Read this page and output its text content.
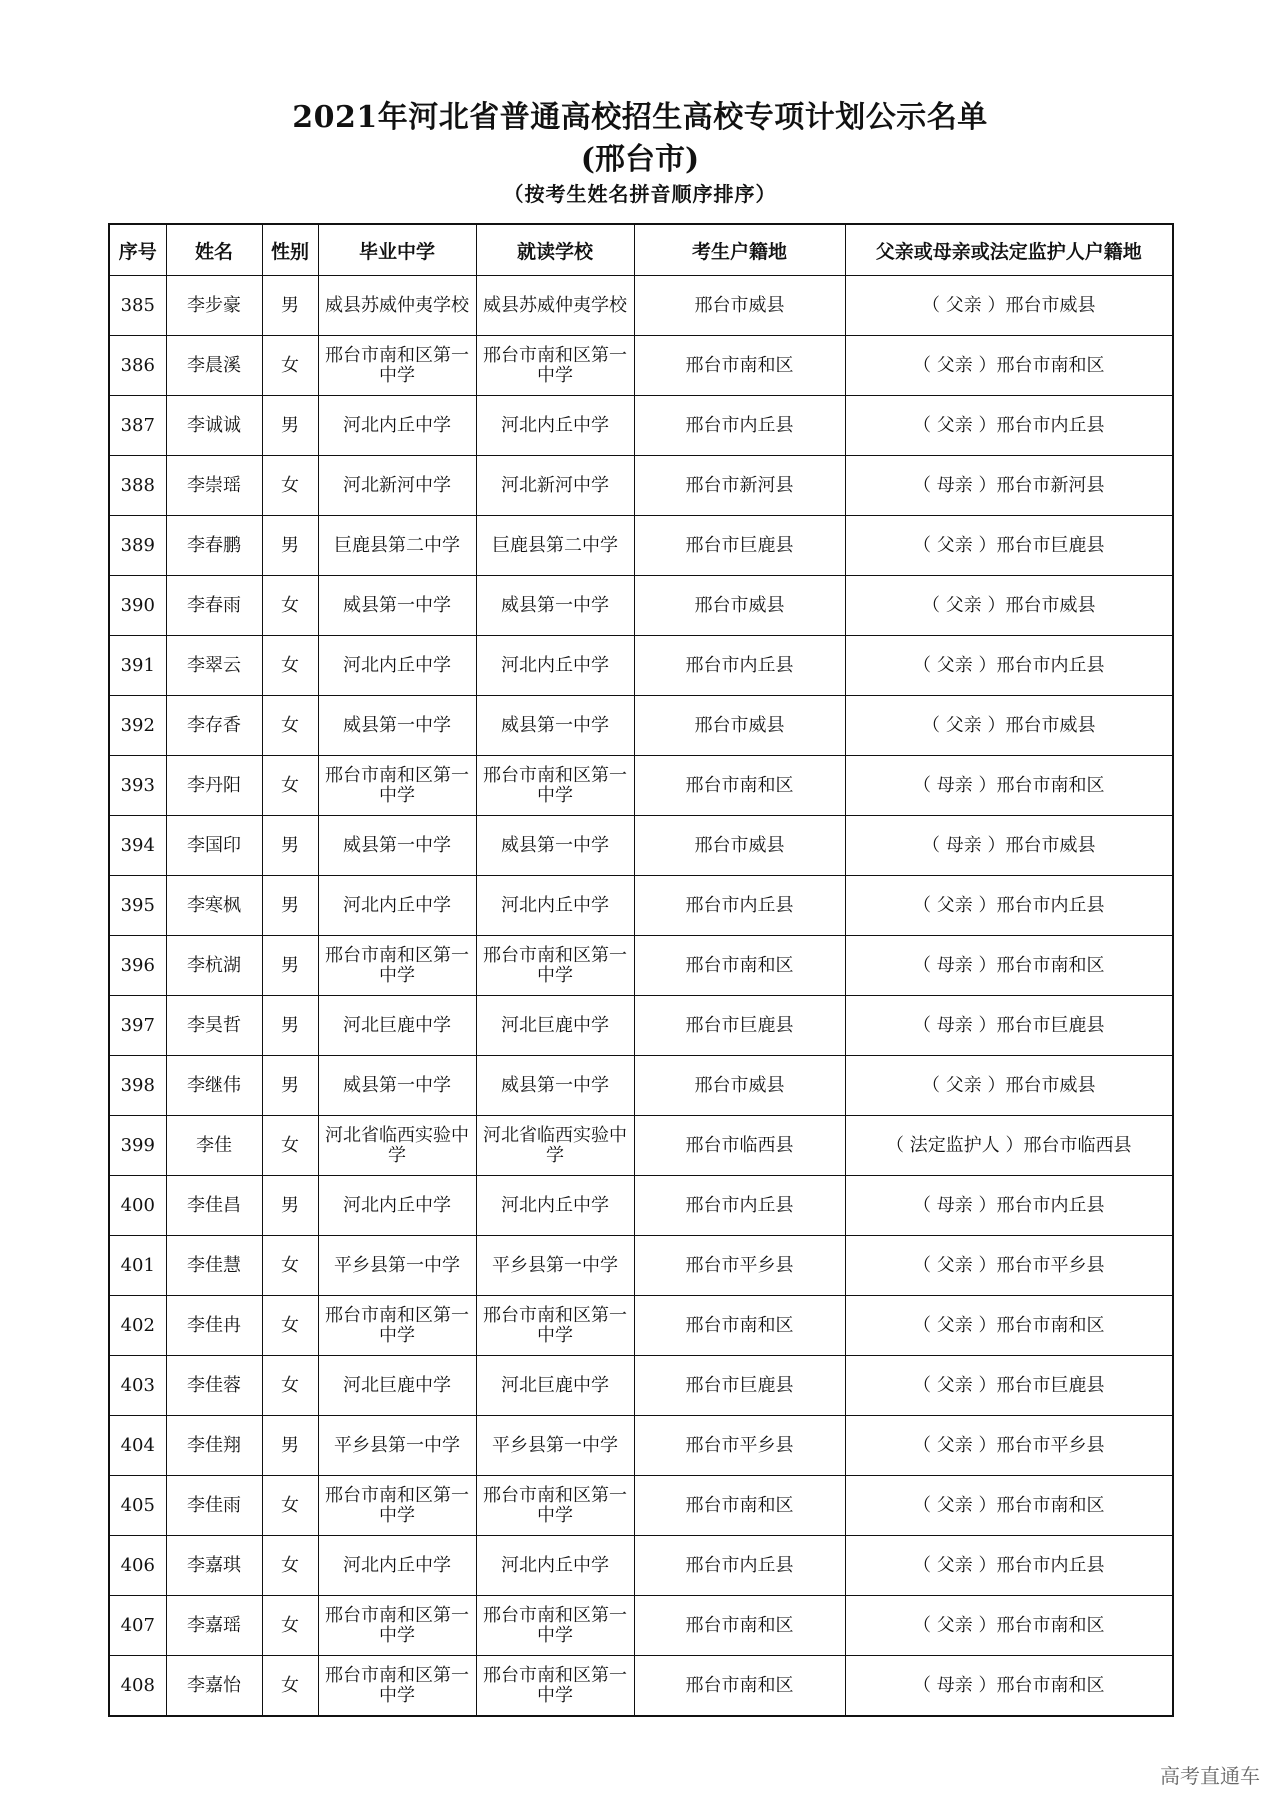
2021年河北省普通高校招生高校专项计划公示名单
(邢台市)
（按考生姓名拼音顺序排序）
序号	姓名	性别	毕业中学	就读学校	考生户籍地	父亲或母亲或法定监护人户籍地
385	李步豪	男	威县苏威仲夷学校	威县苏威仲夷学校	邢台市威县	（ 父亲 ）邢台市威县
386	李晨溪	女	邢台市南和区第一中学	邢台市南和区第一中学	邢台市南和区	（ 父亲 ）邢台市南和区
387	李诚诚	男	河北内丘中学	河北内丘中学	邢台市内丘县	（ 父亲 ）邢台市内丘县
388	李崇瑶	女	河北新河中学	河北新河中学	邢台市新河县	（ 母亲 ）邢台市新河县
389	李春鹏	男	巨鹿县第二中学	巨鹿县第二中学	邢台市巨鹿县	（ 父亲 ）邢台市巨鹿县
390	李春雨	女	威县第一中学	威县第一中学	邢台市威县	（ 父亲 ）邢台市威县
391	李翠云	女	河北内丘中学	河北内丘中学	邢台市内丘县	（ 父亲 ）邢台市内丘县
392	李存香	女	威县第一中学	威县第一中学	邢台市威县	（ 父亲 ）邢台市威县
393	李丹阳	女	邢台市南和区第一中学	邢台市南和区第一中学	邢台市南和区	（ 母亲 ）邢台市南和区
394	李国印	男	威县第一中学	威县第一中学	邢台市威县	（ 母亲 ）邢台市威县
395	李寒枫	男	河北内丘中学	河北内丘中学	邢台市内丘县	（ 父亲 ）邢台市内丘县
396	李杭湖	男	邢台市南和区第一中学	邢台市南和区第一中学	邢台市南和区	（ 母亲 ）邢台市南和区
397	李昊哲	男	河北巨鹿中学	河北巨鹿中学	邢台市巨鹿县	（ 母亲 ）邢台市巨鹿县
398	李继伟	男	威县第一中学	威县第一中学	邢台市威县	（ 父亲 ）邢台市威县
399	李佳	女	河北省临西实验中学	河北省临西实验中学	邢台市临西县	（ 法定监护人 ）邢台市临西县
400	李佳昌	男	河北内丘中学	河北内丘中学	邢台市内丘县	（ 母亲 ）邢台市内丘县
401	李佳慧	女	平乡县第一中学	平乡县第一中学	邢台市平乡县	（ 父亲 ）邢台市平乡县
402	李佳冉	女	邢台市南和区第一中学	邢台市南和区第一中学	邢台市南和区	（ 父亲 ）邢台市南和区
403	李佳蓉	女	河北巨鹿中学	河北巨鹿中学	邢台市巨鹿县	（ 父亲 ）邢台市巨鹿县
404	李佳翔	男	平乡县第一中学	平乡县第一中学	邢台市平乡县	（ 父亲 ）邢台市平乡县
405	李佳雨	女	邢台市南和区第一中学	邢台市南和区第一中学	邢台市南和区	（ 父亲 ）邢台市南和区
406	李嘉琪	女	河北内丘中学	河北内丘中学	邢台市内丘县	（ 父亲 ）邢台市内丘县
407	李嘉瑶	女	邢台市南和区第一中学	邢台市南和区第一中学	邢台市南和区	（ 父亲 ）邢台市南和区
408	李嘉怡	女	邢台市南和区第一中学	邢台市南和区第一中学	邢台市南和区	（ 母亲 ）邢台市南和区
高考直通车
